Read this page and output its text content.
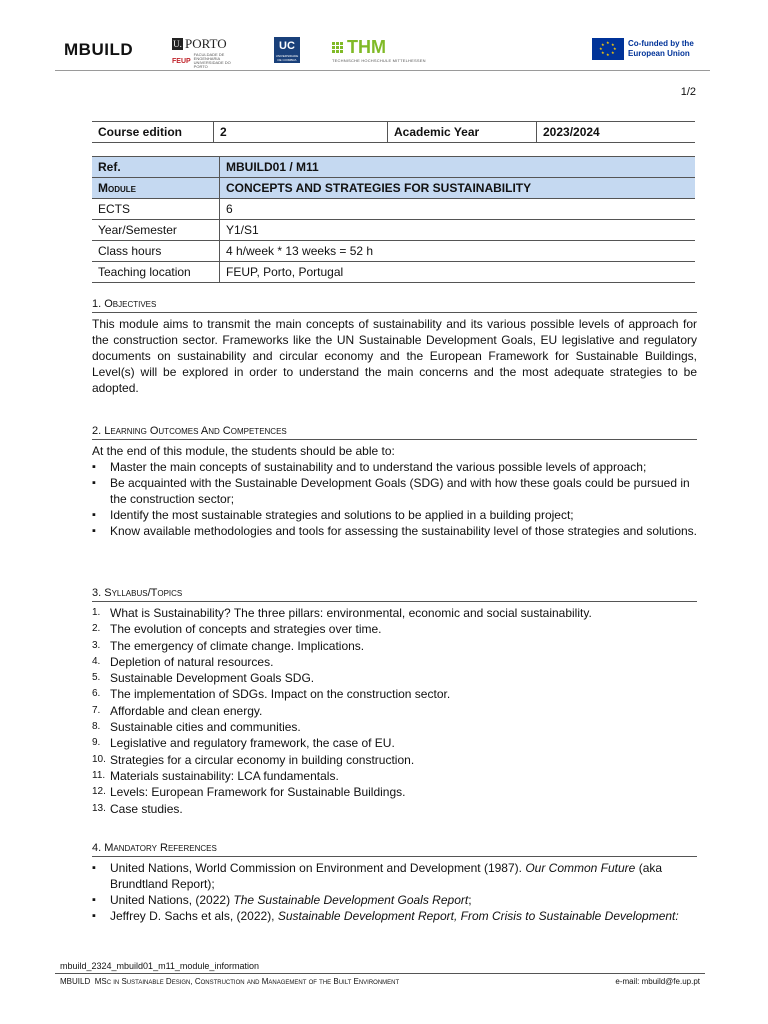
MBUILD	U. PORTO
FEUP
FACULDADE DE ENGENHARIA UNIVERSIDADE DO PORTO
UC
UNIVERSIDADE DE COIMBRA
THM
TECHNISCHE HOCHSCHULE MITTELHESSEN
★ ★
★
★
★
★
★
★	Co-funded by the
European Union
1/2
Course edition	2	Academic Year	2023/2024
Ref.	MBUILD01 / M11
Module	CONCEPTS AND STRATEGIES FOR SUSTAINABILITY
ECTS	6
Year/Semester	Y1/S1
Class hours	4 h/week * 13 weeks = 52 h
Teaching location	FEUP, Porto, Portugal
1. Objectives

This module aims to transmit the main concepts of sustainability and its various possible levels of approach for the construction sector. Frameworks like the UN Sustainable Development Goals, EU legislative and regulatory documents on sustainability and circular economy and the European Framework for Sustainable Buildings, Level(s) will be explored in order to understand the main concerns and the most adequate strategies to be adopted.

2. Learning Outcomes And Competences

At the end of this module, the students should be able to:

▪ Master the main concepts of sustainability and to understand the various possible levels of approach;
▪ Be acquainted with the Sustainable Development Goals (SDG) and with how these goals could be pursued in the construction sector;
▪ Identify the most sustainable strategies and solutions to be applied in a building project;
▪ Know available methodologies and tools for assessing the sustainability level of those strategies and solutions.
3. Syllabus/Topics
1. What is Sustainability? The three pillars: environmental, economic and social sustainability.
2. The evolution of concepts and strategies over time.
3. The emergency of climate change. Implications.
4. Depletion of natural resources.
5. Sustainable Development Goals SDG.
6. The implementation of SDGs. Impact on the construction sector.
7. Affordable and clean energy.
8. Sustainable cities and communities.
9. Legislative and regulatory framework, the case of EU.
10. Strategies for a circular economy in building construction.
11. Materials sustainability: LCA fundamentals.
12. Levels: European Framework for Sustainable Buildings.
13. Case studies.
4. Mandatory References
▪ United Nations, World Commission on Environment and Development (1987). Our Common Future (aka Brundtland Report);
▪ United Nations, (2022) The Sustainable Development Goals Report;
▪ Jeffrey D. Sachs et als, (2022), Sustainable Development Report, From Crisis to Sustainable Development:
mbuild_2324_mbuild01_m11_module_information
MBUILD MSc in Sustainable Design, Construction and Management of the Built Environment	e-mail: mbuild@fe.up.pt
